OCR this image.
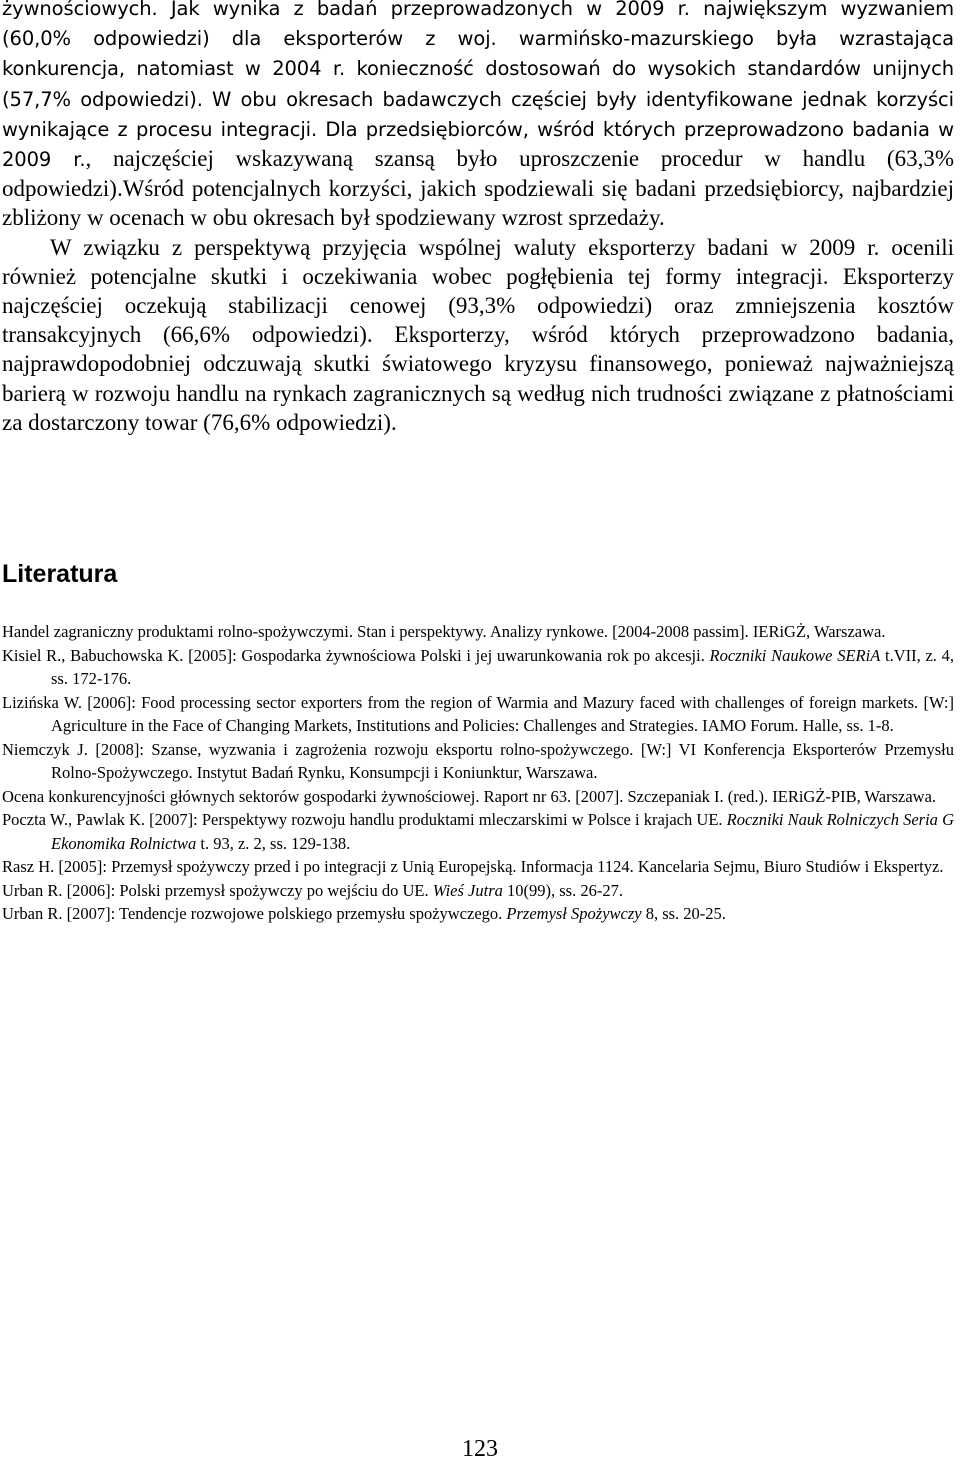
żywnościowych. Jak wynika z badań przeprowadzonych w 2009 r. największym wyzwaniem (60,0% odpowiedzi) dla eksporterów z woj. warmińsko-mazurskiego była wzrastająca konkurencja, natomiast w 2004 r. konieczność dostosowań do wysokich standardów unijnych (57,7% odpowiedzi). W obu okresach badawczych częściej były identyfikowane jednak korzyści wynikające z procesu integracji. Dla przedsiębiorców, wśród których przeprowadzono badania w 2009 r., najczęściej wskazywaną szansą było uproszczenie procedur w handlu (63,3% odpowiedzi).Wśród potencjalnych korzyści, jakich spodziewali się badani przedsiębiorcy, najbardziej zbliżony w ocenach w obu okresach był spodziewany wzrost sprzedaży.

W związku z perspektywą przyjęcia wspólnej waluty eksporterzy badani w 2009 r. ocenili również potencjalne skutki i oczekiwania wobec pogłębienia tej formy integracji. Eksporterzy najczęściej oczekują stabilizacji cenowej (93,3% odpowiedzi) oraz zmniejszenia kosztów transakcyjnych (66,6% odpowiedzi). Eksporterzy, wśród których przeprowadzono badania, najprawdopodobniej odczuwają skutki światowego kryzysu finansowego, ponieważ najważniejszą barierą w rozwoju handlu na rynkach zagranicznych są według nich trudności związane z płatnościami za dostarczony towar (76,6% odpowiedzi).

Literatura
Handel zagraniczny produktami rolno-spożywczymi. Stan i perspektywy. Analizy rynkowe. [2004-2008 passim]. IERiGŻ, Warszawa.
Kisiel R., Babuchowska K. [2005]: Gospodarka żywnościowa Polski i jej uwarunkowania rok po akcesji. Roczniki Naukowe SERiA t.VII, z. 4, ss. 172-176.
Lizińska W. [2006]: Food processing sector exporters from the region of Warmia and Mazury faced with challenges of foreign markets. [W:] Agriculture in the Face of Changing Markets, Institutions and Policies: Challenges and Strategies. IAMO Forum. Halle, ss. 1-8.
Niemczyk J. [2008]: Szanse, wyzwania i zagrożenia rozwoju eksportu rolno-spożywczego. [W:] VI Konferencja Eksporterów Przemysłu Rolno-Spożywczego. Instytut Badań Rynku, Konsumpcji i Koniunktur, Warszawa.
Ocena konkurencyjności głównych sektorów gospodarki żywnościowej. Raport nr 63. [2007]. Szczepaniak I. (red.). IERiGŻ-PIB, Warszawa.
Poczta W., Pawlak K. [2007]: Perspektywy rozwoju handlu produktami mleczarskimi w Polsce i krajach UE. Roczniki Nauk Rolniczych Seria G Ekonomika Rolnictwa t. 93, z. 2, ss. 129-138.
Rasz H. [2005]: Przemysł spożywczy przed i po integracji z Unią Europejską. Informacja 1124. Kancelaria Sejmu, Biuro Studiów i Ekspertyz.
Urban R. [2006]: Polski przemysł spożywczy po wejściu do UE. Wieś Jutra 10(99), ss. 26-27.
Urban R. [2007]: Tendencje rozwojowe polskiego przemysłu spożywczego. Przemysł Spożywczy 8, ss. 20-25.
123
